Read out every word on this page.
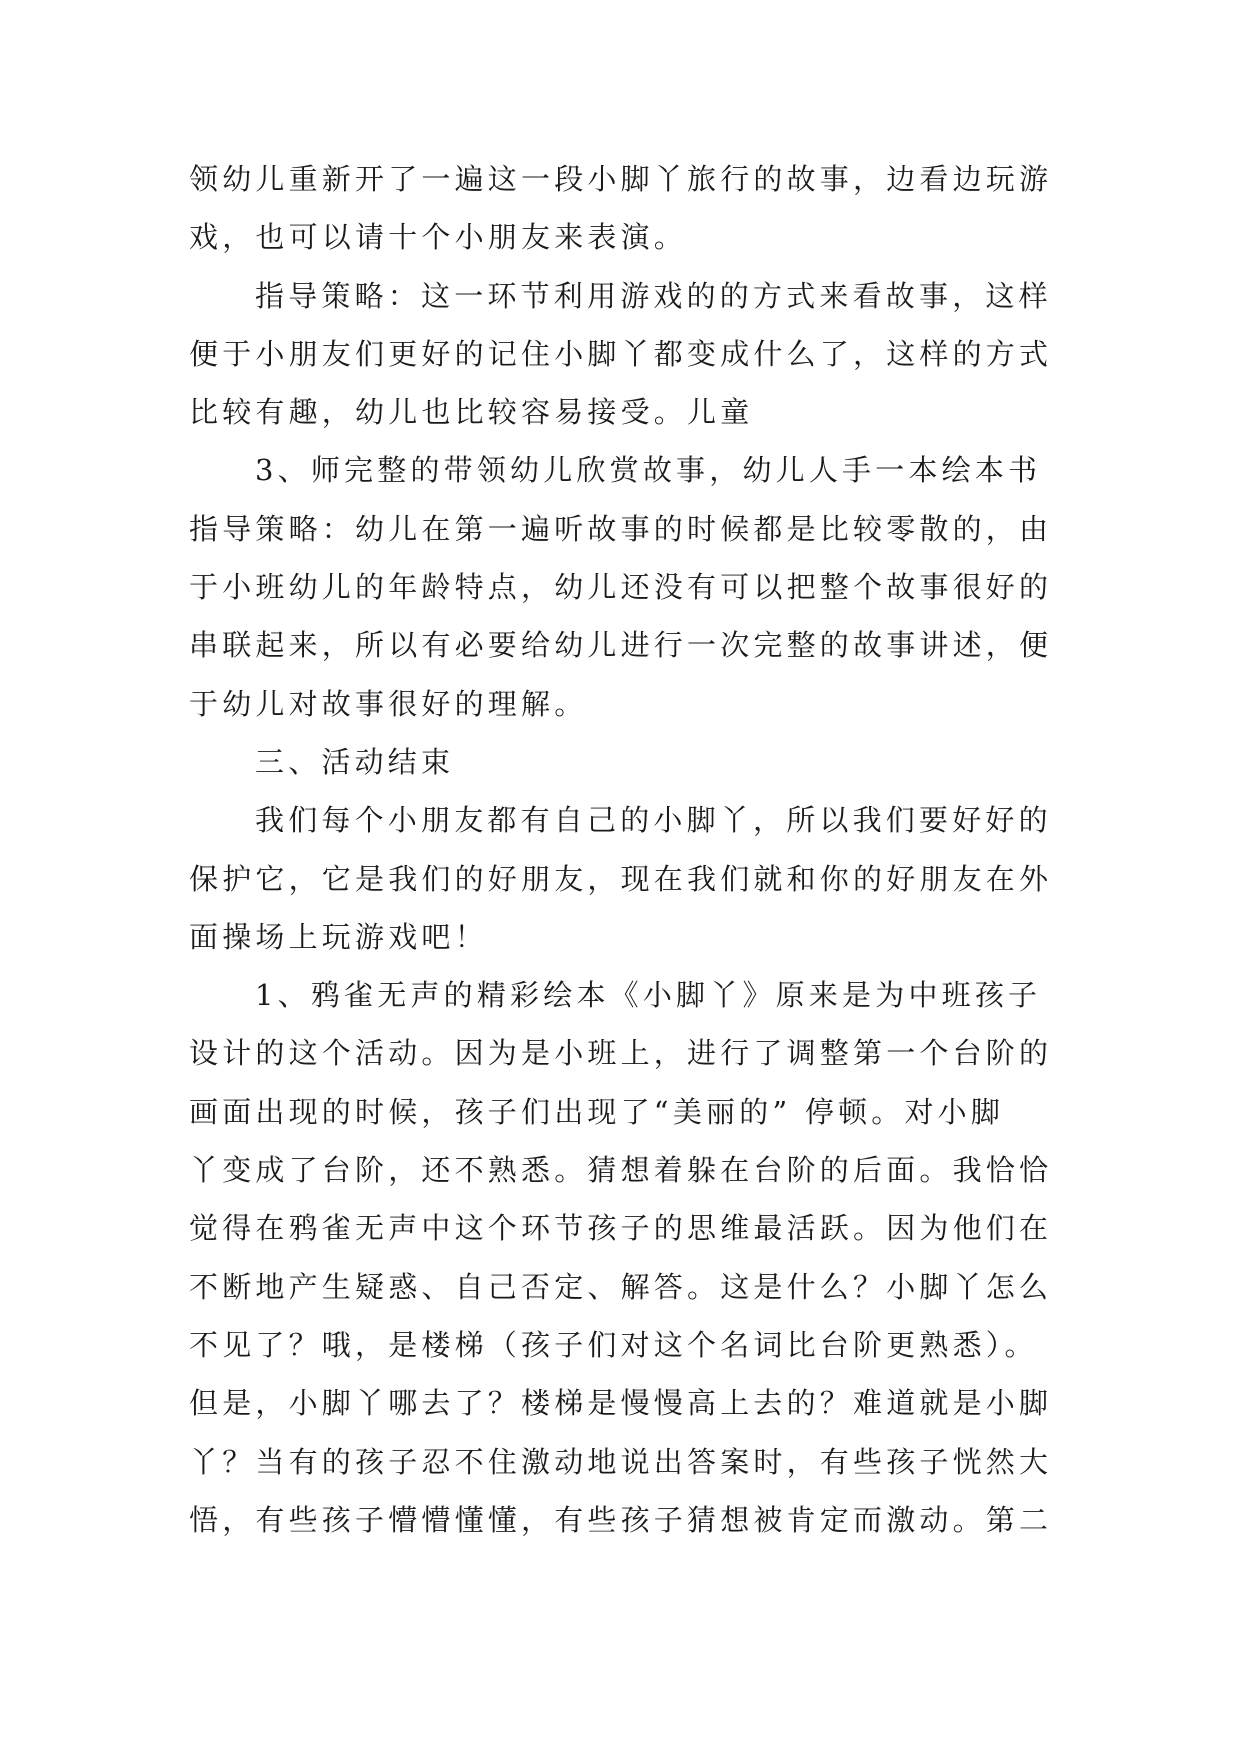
领幼儿重新开了一遍这一段小脚丫旅行的故事，边看边玩游
戏，也可以请十个小朋友来表演。
指导策略：这一环节利用游戏的的方式来看故事，这样
便于小朋友们更好的记住小脚丫都变成什么了，这样的方式
比较有趣，幼儿也比较容易接受。儿童
3、师完整的带领幼儿欣赏故事，幼儿人手一本绘本书
指导策略：幼儿在第一遍听故事的时候都是比较零散的，由
于小班幼儿的年龄特点，幼儿还没有可以把整个故事很好的
串联起来，所以有必要给幼儿进行一次完整的故事讲述，便
于幼儿对故事很好的理解。
三、活动结束
我们每个小朋友都有自己的小脚丫，所以我们要好好的
保护它，它是我们的好朋友，现在我们就和你的好朋友在外
面操场上玩游戏吧！
1、鸦雀无声的精彩绘本《小脚丫》原来是为中班孩子
设计的这个活动。因为是小班上，进行了调整第一个台阶的
画面出现的时候，孩子们出现了“美丽的” 停顿。对小脚
丫变成了台阶，还不熟悉。猜想着躲在台阶的后面。我恰恰
觉得在鸦雀无声中这个环节孩子的思维最活跃。因为他们在
不断地产生疑惑、自己否定、解答。这是什么？小脚丫怎么
不见了？哦，是楼梯（孩子们对这个名词比台阶更熟悉）。
但是，小脚丫哪去了？楼梯是慢慢高上去的？难道就是小脚
丫？当有的孩子忍不住激动地说出答案时，有些孩子恍然大
悟，有些孩子懵懵懂懂，有些孩子猜想被肯定而激动。第二
